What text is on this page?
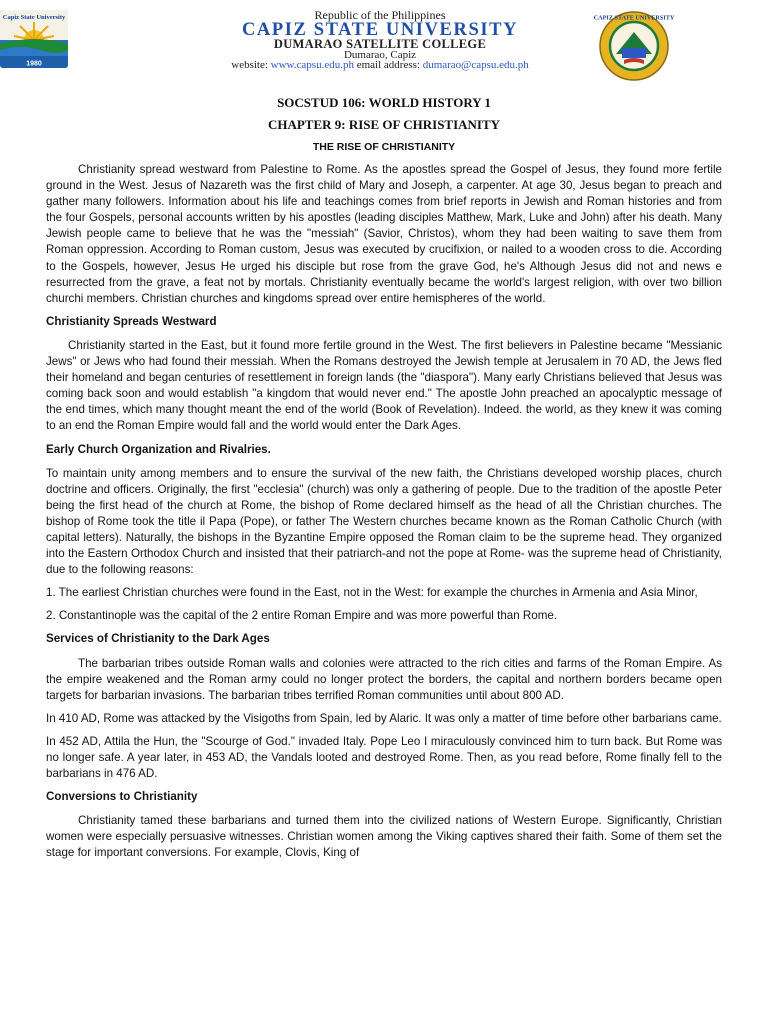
Capiz State University
1980
Republic of the Philippines
CAPIZ STATE UNIVERSITY
DUMARAO SATELLITE COLLEGE
Dumarao, Capiz
website: www.capsu.edu.ph email address: dumarao@capsu.edu.ph
CAPIZ STATE UNIVERSITY
SOCSTUD 106: WORLD HISTORY 1
CHAPTER 9: RISE OF CHRISTIANITY
THE RISE OF CHRISTIANITY

Christianity spread westward from Palestine to Rome. As the apostles spread the Gospel of Jesus, they found more fertile ground in the West. Jesus of Nazareth was the first child of Mary and Joseph, a carpenter. At age 30, Jesus began to preach and gather many followers. Information about his life and teachings comes from brief reports in Jewish and Roman histories and from the four Gospels, personal accounts written by his apostles (leading disciples Matthew, Mark, Luke and John) after his death. Many Jewish people came to believe that he was the "messiah" (Savior, Christos), whom they had been waiting to save them from Roman oppression. According to Roman custom, Jesus was executed by crucifixion, or nailed to a wooden cross to die. According to the Gospels, however, Jesus He urged his disciple but rose from the grave God, he's Although Jesus did not and news e resurrected from the grave, a feat not by mortals. Christianity eventually became the world's largest religion, with over two billion churchi members. Christian churches and kingdoms spread over entire hemispheres of the world.

Christianity Spreads Westward

Christianity started in the East, but it found more fertile ground in the West. The first believers in Palestine became "Messianic Jews" or Jews who had found their messiah. When the Romans destroyed the Jewish temple at Jerusalem in 70 AD, the Jews fled their homeland and began centuries of resettlement in foreign lands (the "diaspora"). Many early Christians believed that Jesus was coming back soon and would establish "a kingdom that would never end." The apostle John preached an apocalyptic message of the end times, which many thought meant the end of the world (Book of Revelation). Indeed. the world, as they knew it was coming to an end the Roman Empire would fall and the world would enter the Dark Ages.

Early Church Organization and Rivalries.

To maintain unity among members and to ensure the survival of the new faith, the Christians developed worship places, church doctrine and officers. Originally, the first "ecclesia" (church) was only a gathering of people. Due to the tradition of the apostle Peter being the first head of the church at Rome, the bishop of Rome declared himself as the head of all the Christian churches. The bishop of Rome took the title il Papa (Pope), or father The Western churches became known as the Roman Catholic Church (with capital letters). Naturally, the bishops in the Byzantine Empire opposed the Roman claim to be the supreme head. They organized into the Eastern Orthodox Church and insisted that their patriarch-and not the pope at Rome- was the supreme head of Christianity, due to the following reasons:

1. The earliest Christian churches were found in the East, not in the West: for example the churches in Armenia and Asia Minor,

2. Constantinople was the capital of the 2 entire Roman Empire and was more powerful than Rome.

Services of Christianity to the Dark Ages

The barbarian tribes outside Roman walls and colonies were attracted to the rich cities and farms of the Roman Empire. As the empire weakened and the Roman army could no longer protect the borders, the capital and northern borders became open targets for barbarian invasions. The barbarian tribes terrified Roman communities until about 800 AD.

In 410 AD, Rome was attacked by the Visigoths from Spain, led by Alaric. It was only a matter of time before other barbarians came.

In 452 AD, Attila the Hun, the "Scourge of God." invaded Italy. Pope Leo I miraculously convinced him to turn back. But Rome was no longer safe. A year later, in 453 AD, the Vandals looted and destroyed Rome. Then, as you read before, Rome finally fell to the barbarians in 476 AD.

Conversions to Christianity

Christianity tamed these barbarians and turned them into the civilized nations of Western Europe. Significantly, Christian women were especially persuasive witnesses. Christian women among the Viking captives shared their faith. Some of them set the stage for important conversions. For example, Clovis, King of
